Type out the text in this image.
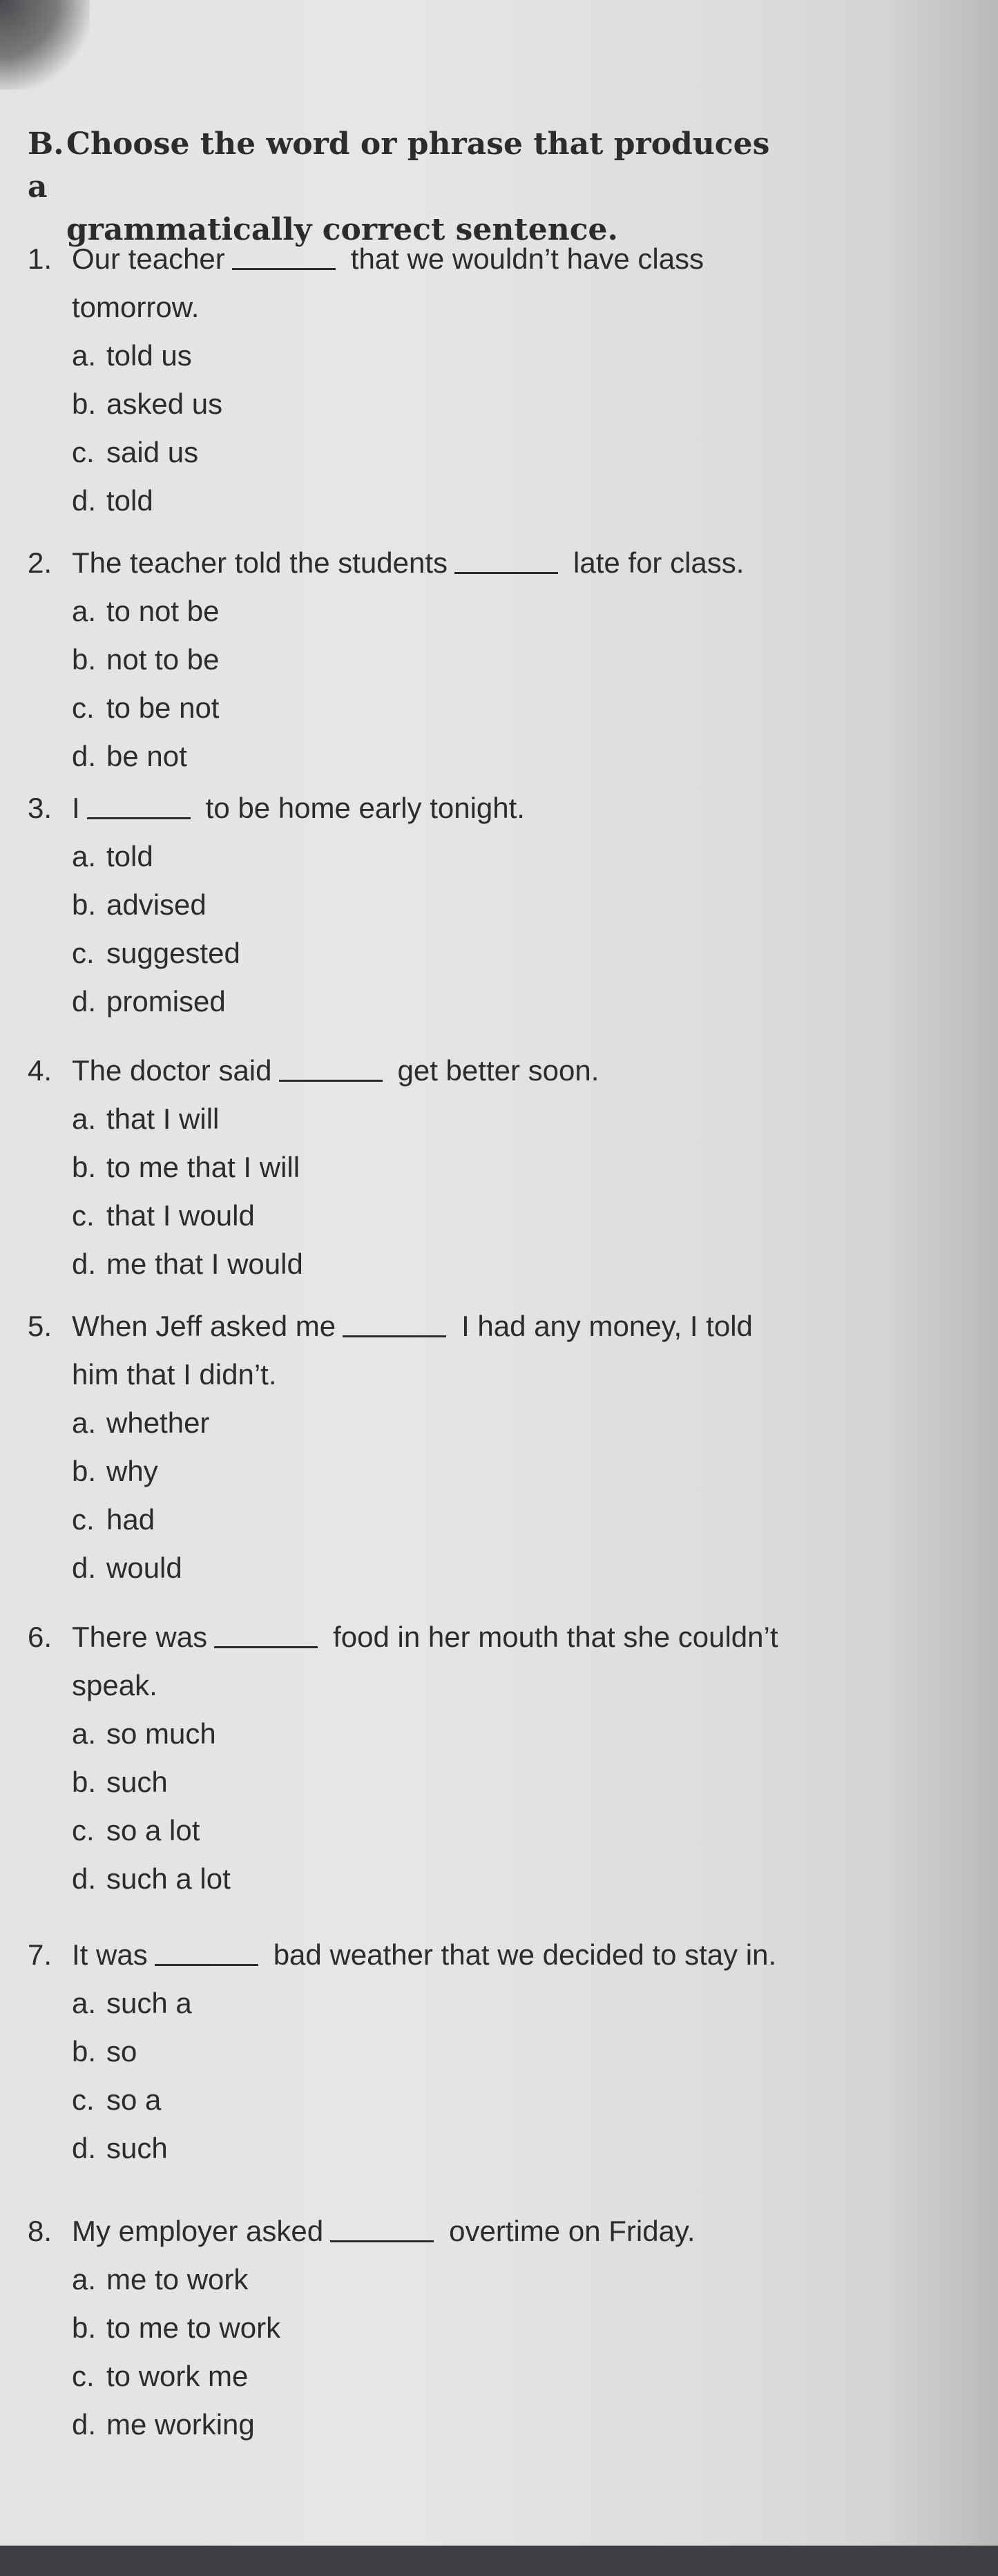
B.Choose the word or phrase that produces a
grammatically correct sentence.
1. Our teacher	that we wouldn’t have class
tomorrow.
a. told us
b. asked us
c. said us
d. told
2. The teacher told the students	late for class.
a. to not be
b. not to be
c. to be not
d. be not
3. I	to be home early tonight.
a. told
b. advised
c. suggested
d. promised
4. The doctor said	get better soon.
a. that I will
b. to me that I will
c. that I would
d. me that I would
5. When Jeff asked me	I had any money, I told
him that I didn’t.
a. whether
b. why
c. had
d. would
6. There was	food in her mouth that she couldn’t
speak.
a. so much
b. such
c. so a lot
d. such a lot
7. It was	bad weather that we decided to stay in.
a. such a
b. so
c. so a
d. such
8. My employer asked	overtime on Friday.
a. me to work
b. to me to work
c. to work me
d. me working
